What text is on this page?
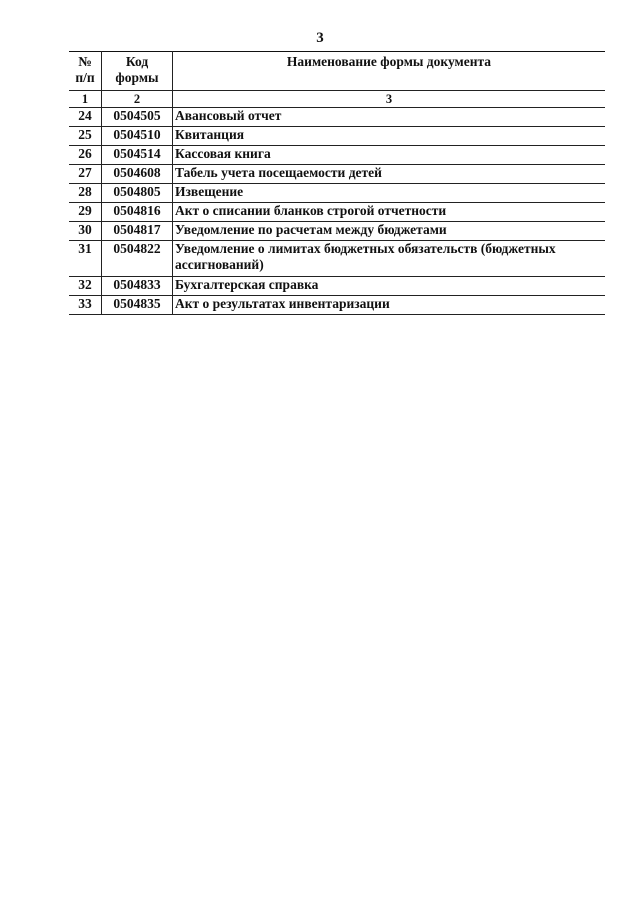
3
№ п/п	Код формы	Наименование формы документа
1	2	3
24	0504505	Авансовый отчет
25	0504510	Квитанция
26	0504514	Кассовая книга
27	0504608	Табель учета посещаемости детей
28	0504805	Извещение
29	0504816	Акт о списании бланков строгой отчетности
30	0504817	Уведомление по расчетам между бюджетами
31	0504822	Уведомление о лимитах бюджетных обязательств (бюджетных ассигнований)
32	0504833	Бухгалтерская справка
33	0504835	Акт о результатах инвентаризации
